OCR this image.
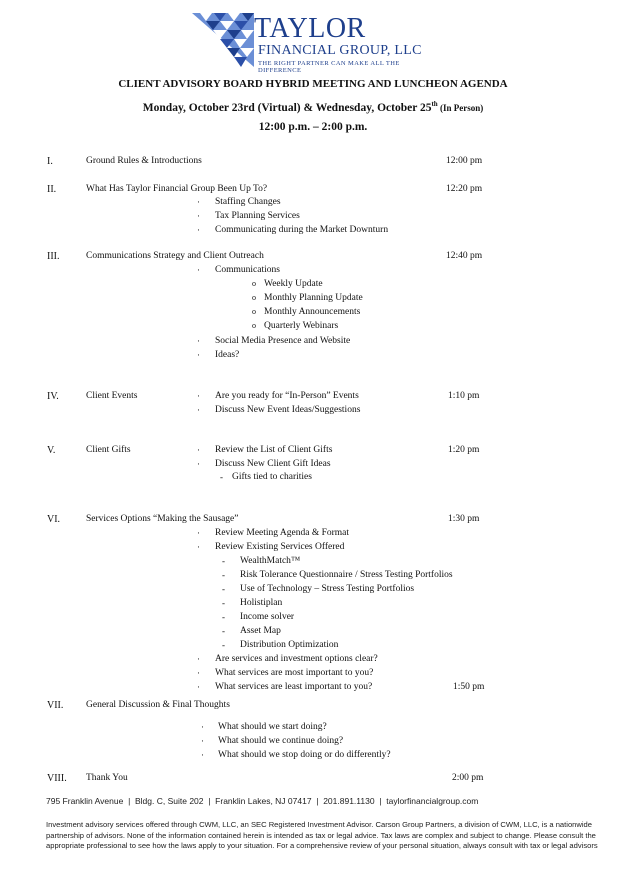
TAYLOR
FINANCIAL GROUP, LLC
THE RIGHT PARTNER CAN MAKE ALL THE DIFFERENCE
CLIENT ADVISORY BOARD HYBRID MEETING AND LUNCHEON AGENDA
Monday, October 23rd (Virtual) & Wednesday, October 25th (In Person)
12:00 p.m. – 2:00 p.m.
I.	Ground Rules & Introductions	12:00 pm
II.	What Has Taylor Financial Group Been Up To?	12:20 pm
· Staffing Changes
· Tax Planning Services
· Communicating during the Market Downturn
III.	Communications Strategy and Client Outreach	12:40 pm
· Communications
o Weekly Update
o Monthly Planning Update
o Monthly Announcements
o Quarterly Webinars
· Social Media Presence and Website
· Ideas?
IV.	Client Events	1:10 pm
· Are you ready for “In-Person” Events
· Discuss New Event Ideas/Suggestions
V.	Client Gifts	1:20 pm
· Review the List of Client Gifts
· Discuss New Client Gift Ideas
- Gifts tied to charities
VI.	Services Options “Making the Sausage”	1:30 pm
· Review Meeting Agenda & Format
· Review Existing Services Offered
- WealthMatch™
- Risk Tolerance Questionnaire / Stress Testing Portfolios
- Use of Technology – Stress Testing Portfolios
- Holistiplan
- Income solver
- Asset Map
- Distribution Optimization
· Are services and investment options clear?
· What services are most important to you?
· What services are least important to you?	1:50 pm
VII. General Discussion & Final Thoughts
· What should we start doing?
· What should we continue doing?
· What should we stop doing or do differently?
VIII. Thank You	2:00 pm
795 Franklin Avenue  |  Bldg. C, Suite 202  |  Franklin Lakes, NJ 07417  |  201.891.1130  |  taylorfinancialgroup.com
Investment advisory services offered through CWM, LLC, an SEC Registered Investment Advisor. Carson Group Partners, a division of CWM, LLC, is a nationwide partnership of advisors. None of the information contained herein is intended as tax or legal advice. Tax laws are complex and subject to change. Please consult the appropriate professional to see how the laws apply to your situation. For a comprehensive review of your personal situation, always consult with tax or legal advisors
